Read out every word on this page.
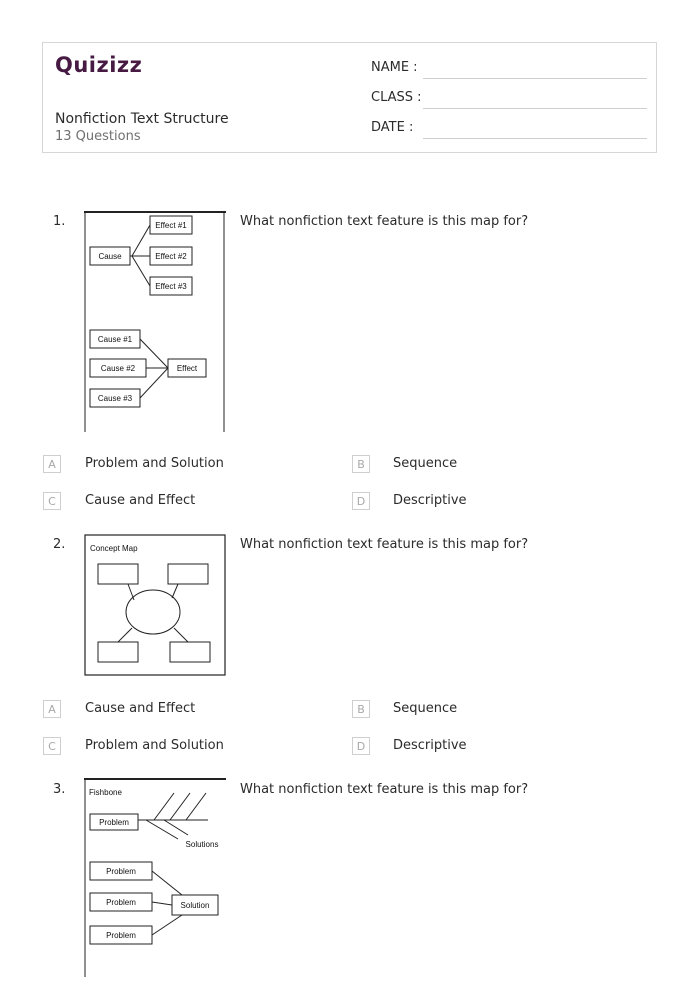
Quizizz
Nonfiction Text Structure
13 Questions
NAME :
CLASS :
DATE :
1.	What nonfiction text feature is this map for?
Effect #1
Cause	Effect #2
Effect #3
Cause #1
Cause #2	Effect
Cause #3
A	Problem and Solution	B	Sequence
C	Cause and Effect	D	Descriptive
2.	What nonfiction text feature is this map for?
Concept Map
A	Cause and Effect	B	Sequence
C	Problem and Solution	D	Descriptive
3.	What nonfiction text feature is this map for?
Fishbone
Problem
Solutions
Problem
Problem	Solution
Problem
